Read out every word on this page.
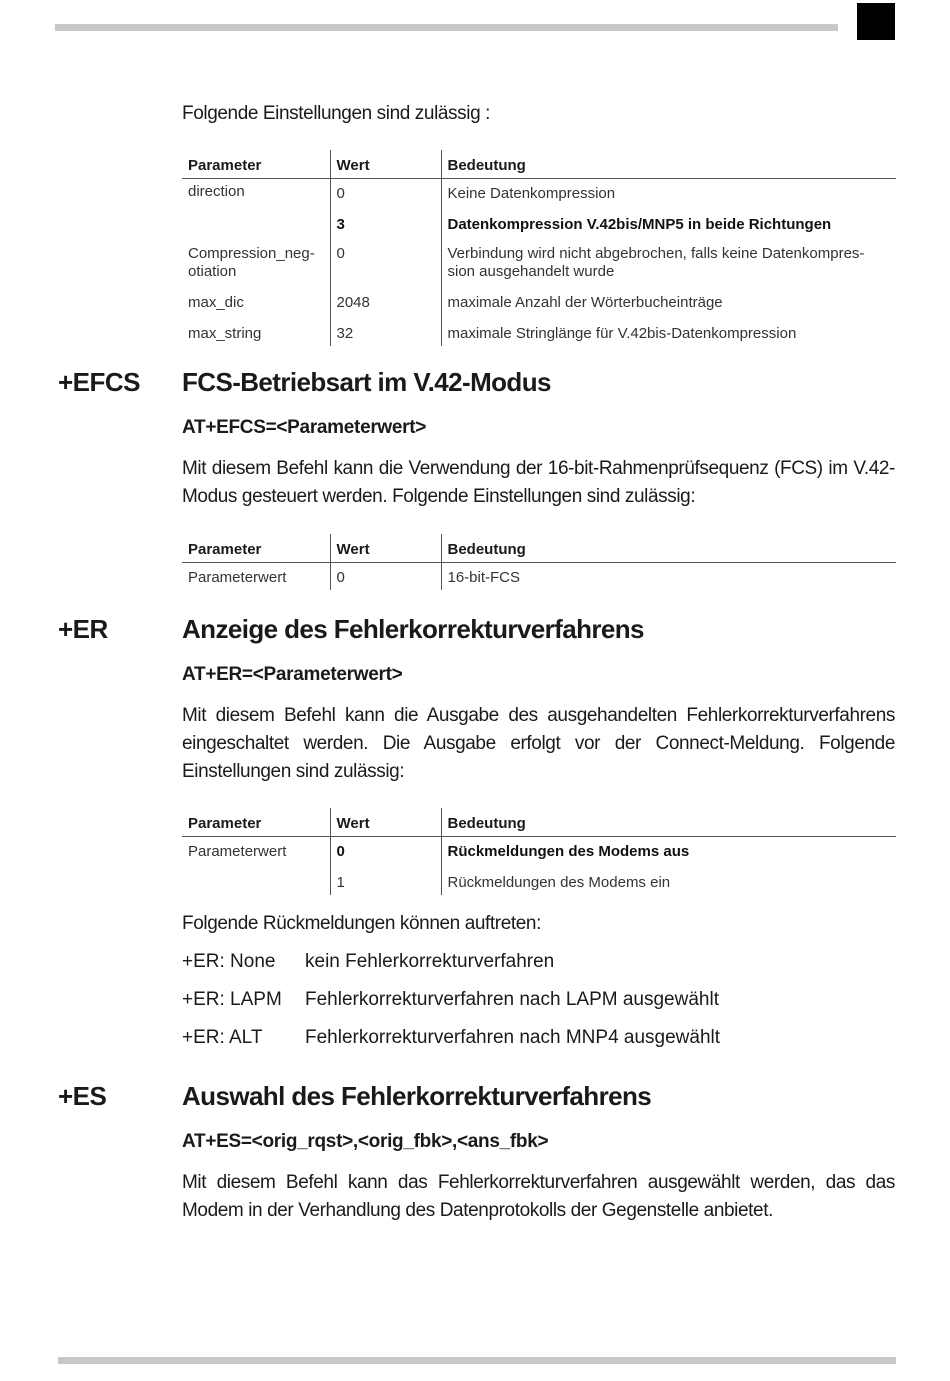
Folgende Einstellungen sind zulässig :

Parameter	Wert	Bedeutung
direction	0	Keine Datenkompression
	3	Datenkompression V.42bis/MNP5 in beide Richtungen
Compression_neg-
otiation	0	Verbindung wird nicht abgebrochen, falls keine Datenkompres-
sion ausgehandelt wurde
max_dic	2048	maximale Anzahl der Wörterbucheinträge
max_string	32	maximale Stringlänge für V.42bis-Datenkompression
+EFCS FCS-Betriebsart im V.42-Modus
AT+EFCS=<Parameterwert>

Mit diesem Befehl kann die Verwendung der 16-bit-Rahmenprüfsequenz (FCS) im V.42-Modus gesteuert werden. Folgende Einstellungen sind zulässig:

Parameter	Wert	Bedeutung
Parameterwert	0	16-bit-FCS
+ER	Anzeige des Fehlerkorrekturverfahrens
AT+ER=<Parameterwert>

Mit diesem Befehl kann die Ausgabe des ausgehandelten Fehlerkorrekturverfahrens eingeschaltet werden. Die Ausgabe erfolgt vor der Connect-Meldung. Folgende Einstellungen sind zulässig:

Parameter	Wert	Bedeutung
Parameterwert	0	Rückmeldungen des Modems aus
	1	Rückmeldungen des Modems ein

Folgende Rückmeldungen können auftreten:

+ER: None kein Fehlerkorrekturverfahren
+ER: LAPM Fehlerkorrekturverfahren nach LAPM ausgewählt
+ER: ALT Fehlerkorrekturverfahren nach MNP4 ausgewählt
+ES	Auswahl des Fehlerkorrekturverfahrens
AT+ES=<orig_rqst>,<orig_fbk>,<ans_fbk>

Mit diesem Befehl kann das Fehlerkorrekturverfahren ausgewählt werden, das das Modem in der Verhandlung des Datenprotokolls der Gegenstelle anbietet.
